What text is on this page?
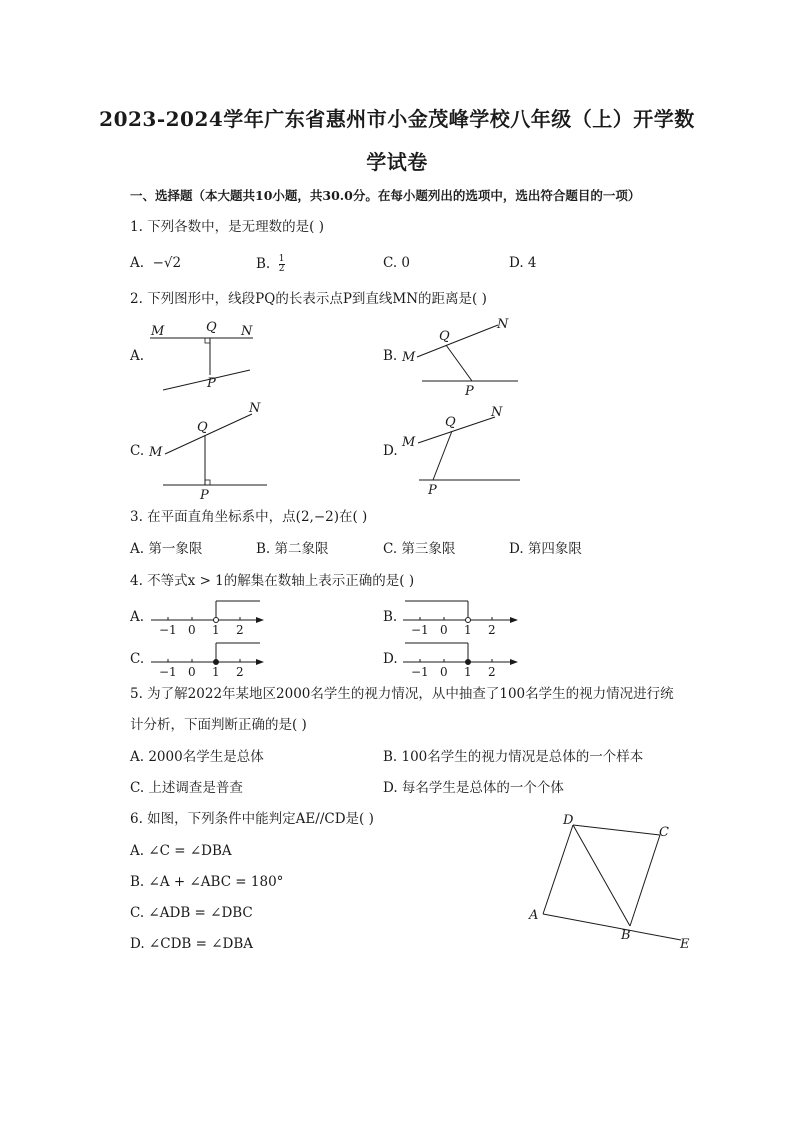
2023-2024学年广东省惠州市小金茂峰学校八年级（上）开学数
学试卷
一、选择题（本大题共10小题，共30.0分。在每小题列出的选项中，选出符合题目的一项）
1. 下列各数中，是无理数的是( )
A.  −√2	B. $\frac{1}{2}$	C. 0	D. 4
2. 下列图形中，线段PQ的长表示点P到直线MN的距离是( )
A.
M	Q N
P
B. M
Q
N
P
C. M
Q
N
P
D.
M
Q
N
P
3. 在平面直角坐标系中，点(2,−2)在( )
A. 第一象限	B. 第二象限	C. 第三象限	D. 第四象限
4. 不等式x > 1的解集在数轴上表示正确的是( )
A.
−1 0 1 2
B.
−1 0 1 2
C.
−1 0 1 2
D.
−1 0 1 2
5. 为了解2022年某地区2000名学生的视力情况，从中抽查了100名学生的视力情况进行统
计分析，下面判断正确的是( )
A. 2000名学生是总体	B. 100名学生的视力情况是总体的一个样本
C. 上述调查是普查	D. 每名学生是总体的一个个体
6. 如图，下列条件中能判定AE//CD是( )
A. ∠C = ∠DBA
B. ∠A + ∠ABC = 180°
C. ∠ADB = ∠DBC
D. ∠CDB = ∠DBA
D
C
A
B
E
